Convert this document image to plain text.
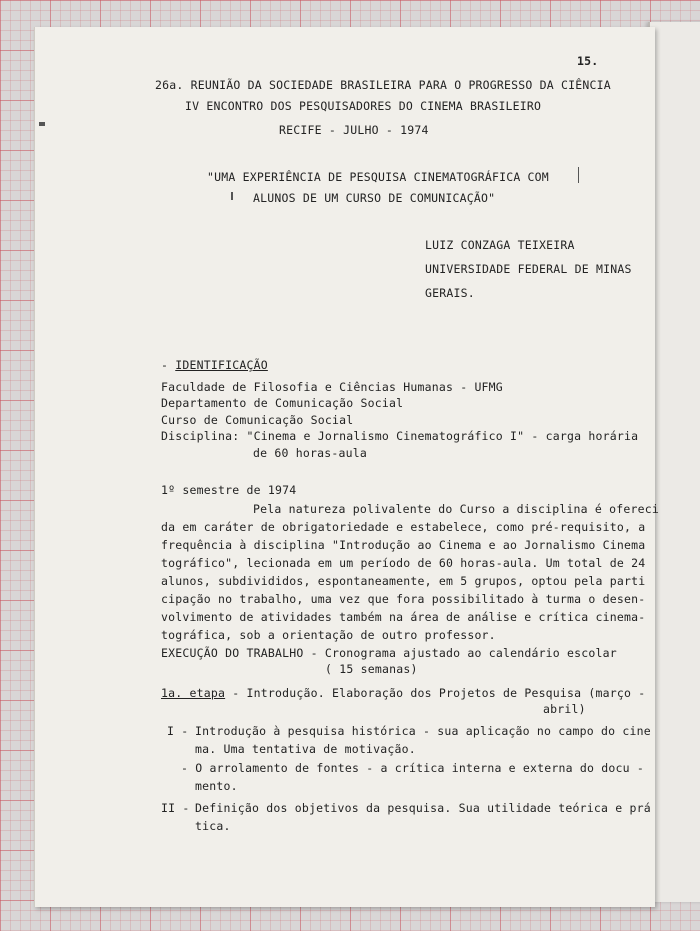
15.
26a. REUNIÃO DA SOCIEDADE BRASILEIRA PARA O PROGRESSO DA CIÊNCIA
IV ENCONTRO DOS PESQUISADORES DO CINEMA BRASILEIRO
RECIFE - JULHO - 1974
"UMA EXPERIÊNCIA DE PESQUISA CINEMATOGRÁFICA COM
ALUNOS DE UM CURSO DE COMUNICAÇÃO"
LUIZ CONZAGA TEIXEIRA
UNIVERSIDADE FEDERAL DE MINAS
GERAIS.
- IDENTIFICAÇÃO
Faculdade de Filosofia e Ciências Humanas - UFMG
Departamento de Comunicação Social
Curso de Comunicação Social
Disciplina: "Cinema e Jornalismo Cinematográfico I" - carga horária
de 60 horas-aula
1º semestre de 1974
Pela natureza polivalente do Curso a disciplina é ofereci
da em caráter de obrigatoriedade e estabelece, como pré-requisito, a
frequência à disciplina "Introdução ao Cinema e ao Jornalismo Cinema
tográfico", lecionada em um período de 60 horas-aula. Um total de 24
alunos, subdivididos, espontaneamente, em 5 grupos, optou pela parti
cipação no trabalho, uma vez que fora possibilitado à turma o desen-
volvimento de atividades também na área de análise e crítica cinema-
tográfica, sob a orientação de outro professor.
EXECUÇÃO DO TRABALHO - Cronograma ajustado ao calendário escolar
( 15 semanas)
1a. etapa - Introdução. Elaboração dos Projetos de Pesquisa (março -
abril)
I - Introdução à pesquisa histórica - sua aplicação no campo do cine
ma. Uma tentativa de motivação.
- O arrolamento de fontes - a crítica interna e externa do docu -
mento.
II - Definição dos objetivos da pesquisa. Sua utilidade teórica e prá
tica.
